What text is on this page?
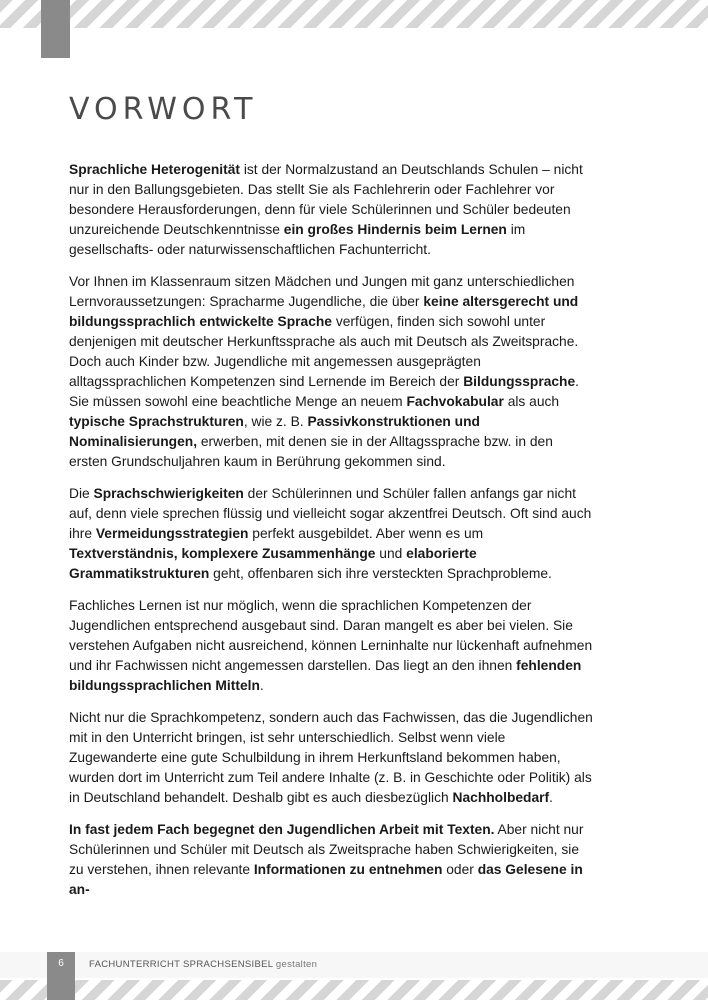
VORWORT

Sprachliche Heterogenität ist der Normalzustand an Deutschlands Schulen – nicht nur in den Ballungsgebieten. Das stellt Sie als Fachlehrerin oder Fachlehrer vor besondere Herausforderungen, denn für viele Schülerinnen und Schüler bedeuten unzureichende Deutschkenntnisse ein großes Hindernis beim Lernen im gesellschafts- oder naturwissenschaftlichen Fachunterricht.

Vor Ihnen im Klassenraum sitzen Mädchen und Jungen mit ganz unterschiedlichen Lernvoraussetzungen: Spracharme Jugendliche, die über keine altersgerecht und bildungssprachlich entwickelte Sprache verfügen, finden sich sowohl unter denjenigen mit deutscher Herkunftssprache als auch mit Deutsch als Zweitsprache. Doch auch Kinder bzw. Jugendliche mit angemessen ausgeprägten alltagssprachlichen Kompetenzen sind Lernende im Bereich der Bildungssprache. Sie müssen sowohl eine beachtliche Menge an neuem Fachvokabular als auch typische Sprachstrukturen, wie z. B. Passivkonstruktionen und Nominalisierungen, erwerben, mit denen sie in der Alltagssprache bzw. in den ersten Grundschuljahren kaum in Berührung gekommen sind.

Die Sprachschwierigkeiten der Schülerinnen und Schüler fallen anfangs gar nicht auf, denn viele sprechen flüssig und vielleicht sogar akzentfrei Deutsch. Oft sind auch ihre Vermeidungsstrategien perfekt ausgebildet. Aber wenn es um Textverständnis, komplexere Zusammenhänge und elaborierte Grammatikstrukturen geht, offenbaren sich ihre versteckten Sprachprobleme.

Fachliches Lernen ist nur möglich, wenn die sprachlichen Kompetenzen der Jugendlichen entsprechend ausgebaut sind. Daran mangelt es aber bei vielen. Sie verstehen Aufgaben nicht ausreichend, können Lerninhalte nur lückenhaft aufnehmen und ihr Fachwissen nicht angemessen darstellen. Das liegt an den ihnen fehlenden bildungssprachlichen Mitteln.

Nicht nur die Sprachkompetenz, sondern auch das Fachwissen, das die Jugendlichen mit in den Unterricht bringen, ist sehr unterschiedlich. Selbst wenn viele Zugewanderte eine gute Schulbildung in ihrem Herkunftsland bekommen haben, wurden dort im Unterricht zum Teil andere Inhalte (z. B. in Geschichte oder Politik) als in Deutschland behandelt. Deshalb gibt es auch diesbezüglich Nachholbedarf.

In fast jedem Fach begegnet den Jugendlichen Arbeit mit Texten. Aber nicht nur Schülerinnen und Schüler mit Deutsch als Zweitsprache haben Schwierigkeiten, sie zu verstehen, ihnen relevante Informationen zu entnehmen oder das Gelesene in an-

6	FACHUNTERRICHT SPRACHSENSIBEL gestalten
